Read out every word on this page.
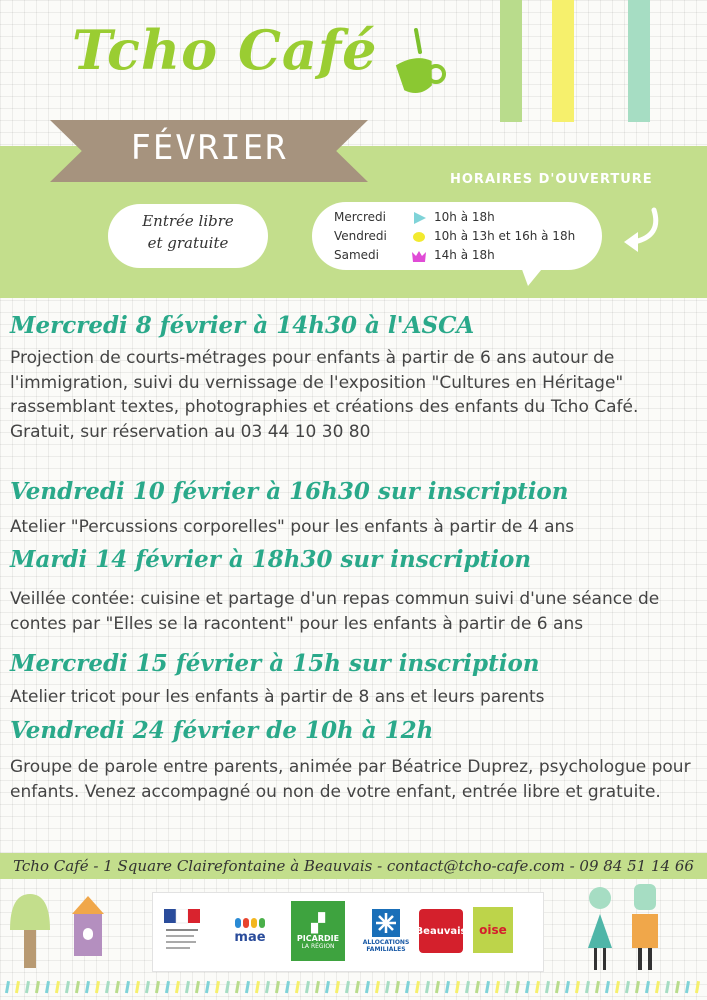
Tcho Café
FÉVRIER
Entrée libre
et gratuite
HORAIRES D'OUVERTURE
Mercredi	10h à 18h
Vendredi	10h à 13h et 16h à 18h
Samedi	14h à 18h
Mercredi 8 février à 14h30 à l'ASCA
Projection de courts-métrages pour enfants à partir de 6 ans autour de l'immigration, suivi du vernissage de l'exposition "Cultures en Héritage" rassemblant textes, photographies et créations des enfants du Tcho Café. Gratuit, sur réservation au 03 44 10 30 80
Vendredi 10 février à 16h30 sur inscription
Atelier "Percussions corporelles" pour les enfants à partir de 4 ans
Mardi 14 février à 18h30 sur inscription
Veillée contée: cuisine et partage d'un repas commun suivi d'une séance de contes par "Elles se la racontent" pour les enfants à partir de 6 ans
Mercredi 15 février à 15h sur inscription
Atelier tricot pour les enfants à partir de 8 ans et leurs parents
Vendredi 24 février de 10h à 12h
Groupe de parole entre parents, animée par Béatrice Duprez, psychologue pour enfants. Venez accompagné ou non de votre enfant, entrée libre et gratuite.
Tcho Café - 1 Square Clairefontaine à Beauvais - contact@tcho-cafe.com - 09 84 51 14 66
mae
▞
PICARDIE
LA RÉGION	ALLOCATIONS FAMILIALES
Beauvais oise
